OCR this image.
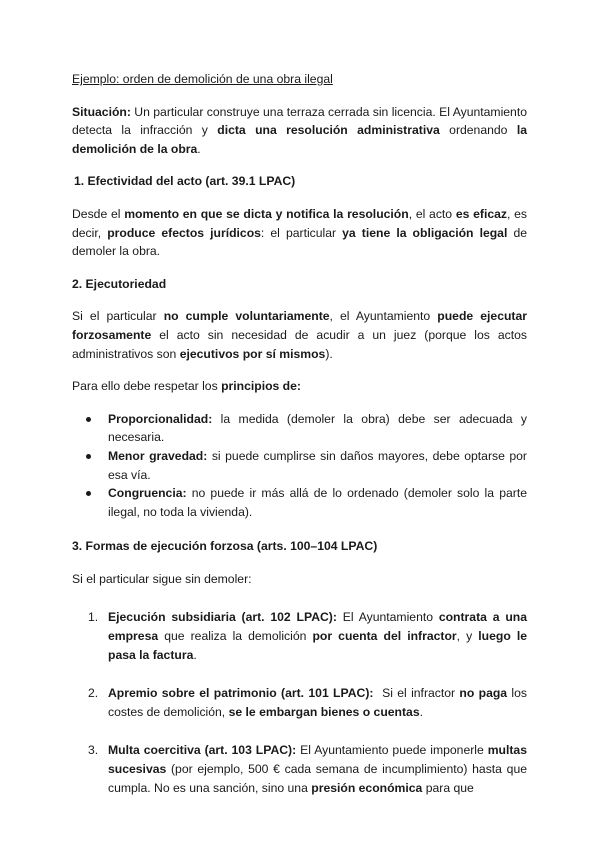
Ejemplo: orden de demolición de una obra ilegal

Situación: Un particular construye una terraza cerrada sin licencia. El Ayuntamiento detecta la infracción y dicta una resolución administrativa ordenando la demolición de la obra.

1. Efectividad del acto (art. 39.1 LPAC)

Desde el momento en que se dicta y notifica la resolución, el acto es eficaz, es decir, produce efectos jurídicos: el particular ya tiene la obligación legal de demoler la obra.

2. Ejecutoriedad

Si el particular no cumple voluntariamente, el Ayuntamiento puede ejecutar forzosamente el acto sin necesidad de acudir a un juez (porque los actos administrativos son ejecutivos por sí mismos).

Para ello debe respetar los principios de:

Proporcionalidad: la medida (demoler la obra) debe ser adecuada y necesaria.
Menor gravedad: si puede cumplirse sin daños mayores, debe optarse por esa vía.
Congruencia: no puede ir más allá de lo ordenado (demoler solo la parte ilegal, no toda la vivienda).

3. Formas de ejecución forzosa (arts. 100–104 LPAC)

Si el particular sigue sin demoler:

1. Ejecución subsidiaria (art. 102 LPAC): El Ayuntamiento contrata a una empresa que realiza la demolición por cuenta del infractor, y luego le pasa la factura.
2. Apremio sobre el patrimonio (art. 101 LPAC):  Si el infractor no paga los costes de demolición, se le embargan bienes o cuentas.
3. Multa coercitiva (art. 103 LPAC): El Ayuntamiento puede imponerle multas sucesivas (por ejemplo, 500 € cada semana de incumplimiento) hasta que cumpla. No es una sanción, sino una presión económica para que
